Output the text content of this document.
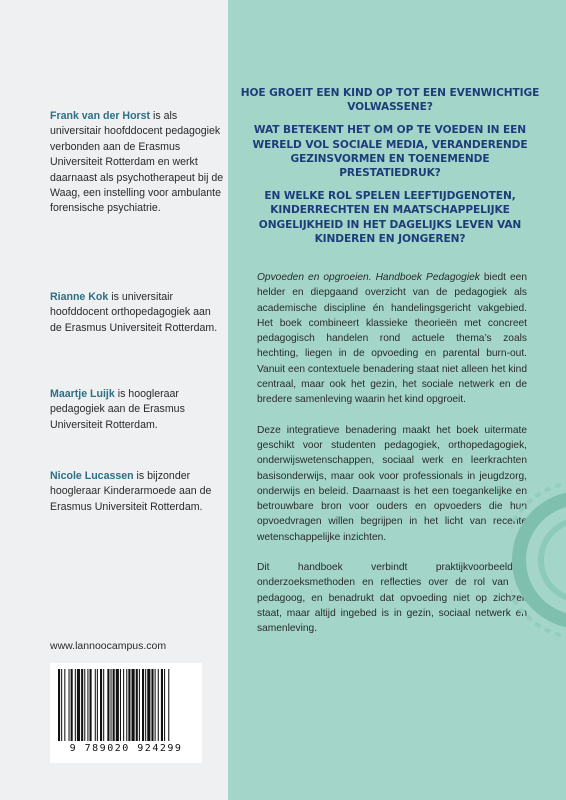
Frank van der Horst is als universitair hoofddocent pedagogiek verbonden aan de Erasmus Universiteit Rotterdam en werkt daarnaast als psychotherapeut bij de Waag, een instelling voor ambulante forensische psychiatrie.
Rianne Kok is universitair hoofddocent orthopedagogiek aan de Erasmus Universiteit Rotterdam.
Maartje Luijk is hoogleraar pedagogiek aan de Erasmus Universiteit Rotterdam.
Nicole Lucassen is bijzonder hoogleraar Kinderarmoede aan de Erasmus Universiteit Rotterdam.
www.lannoocampus.com
9 789020 924299

HOE GROEIT EEN KIND OP TOT EEN EVENWICHTIGE VOLWASSENE?

WAT BETEKENT HET OM OP TE VOEDEN IN EEN WERELD VOL SOCIALE MEDIA, VERANDERENDE GEZINSVORMEN EN TOENEMENDE PRESTATIEDRUK?

EN WELKE ROL SPELEN LEEFTIJDGENOTEN, KINDERRECHTEN EN MAATSCHAPPELIJKE ONGELIJKHEID IN HET DAGELIJKS LEVEN VAN KINDEREN EN JONGEREN?

Opvoeden en opgroeien. Handboek Pedagogiek biedt een helder en diepgaand overzicht van de pedagogiek als academische discipline én handelingsgericht vakgebied. Het boek combineert klassieke theorieën met concreet pedagogisch handelen rond actuele thema’s zoals hechting, liegen in de opvoeding en parental burn-out. Vanuit een contextuele benadering staat niet alleen het kind centraal, maar ook het gezin, het sociale netwerk en de bredere samenleving waarin het kind opgroeit.

Deze integratieve benadering maakt het boek uitermate geschikt voor studenten pedagogiek, orthopedagogiek, onderwijswetenschappen, sociaal werk en leerkrachten basisonderwijs, maar ook voor professionals in jeugdzorg, onderwijs en beleid. Daarnaast is het een toegankelijke en betrouwbare bron voor ouders en opvoeders die hun opvoedvragen willen begrijpen in het licht van recente wetenschappelijke inzichten.

Dit handboek verbindt praktijkvoorbeelden, onderzoeksmethoden en reflecties over de rol van de pedagoog, en benadrukt dat opvoeding niet op zichzelf staat, maar altijd ingebed is in gezin, sociaal netwerk en samenleving.
